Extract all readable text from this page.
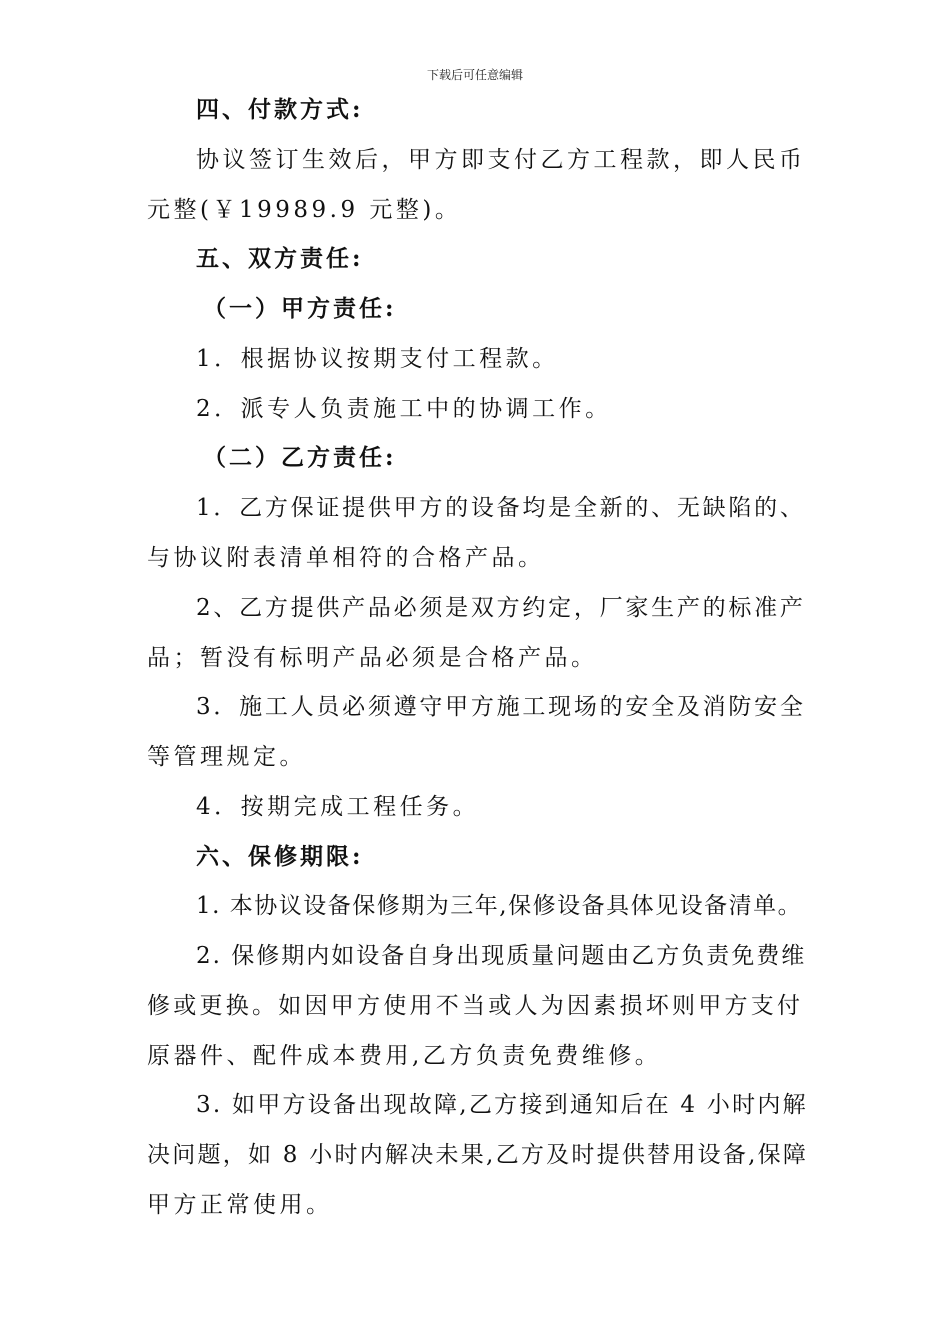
下载后可任意编辑
四、付款方式:
协议签订生效后，甲方即支付乙方工程款，即人民币
元整(￥19989.9 元整)。
五、双方责任:
（一）甲方责任:
1．根据协议按期支付工程款。
2．派专人负责施工中的协调工作。
（二）乙方责任:
1．乙方保证提供甲方的设备均是全新的、无缺陷的、
与协议附表清单相符的合格产品。
2、乙方提供产品必须是双方约定，厂家生产的标准产
品；暂没有标明产品必须是合格产品。
3．施工人员必须遵守甲方施工现场的安全及消防安全
等管理规定。
4．按期完成工程任务。
六、保修期限:
1. 本协议设备保修期为三年,保修设备具体见设备清单。
2. 保修期内如设备自身出现质量问题由乙方负责免费维
修或更换。如因甲方使用不当或人为因素损坏则甲方支付
原器件、配件成本费用,乙方负责免费维修。
3. 如甲方设备出现故障,乙方接到通知后在 4 小时内解
决问题，如 8 小时内解决未果,乙方及时提供替用设备,保障
甲方正常使用。
